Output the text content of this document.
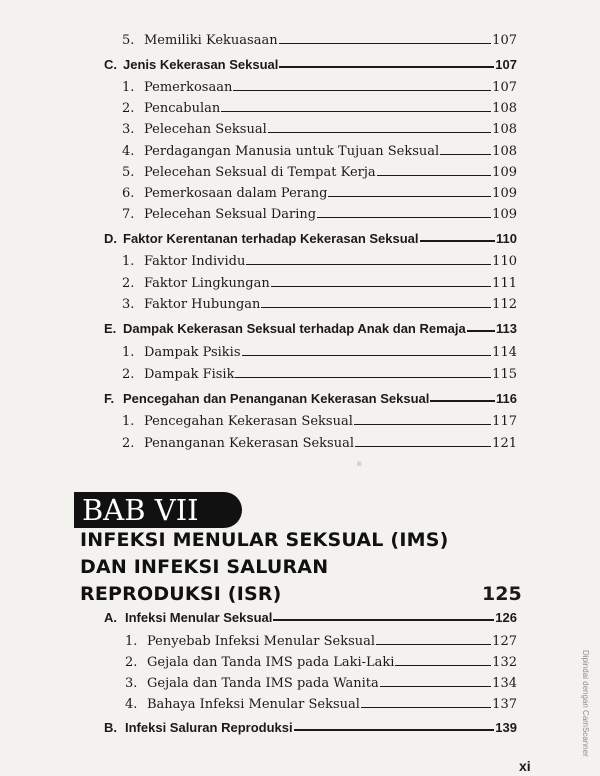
.
5. Memiliki Kekuasaan	107
C. Jenis Kekerasan Seksual	107
1. Pemerkosaan	107
2. Pencabulan	108
3. Pelecehan Seksual	108
4. Perdagangan Manusia untuk Tujuan Seksual	108
5. Pelecehan Seksual di Tempat Kerja	109
6. Pemerkosaan dalam Perang	109
7. Pelecehan Seksual Daring	109
D. Faktor Kerentanan terhadap Kekerasan Seksual	110
1. Faktor Individu	110
2. Faktor Lingkungan	111
3. Faktor Hubungan	112
E. Dampak Kekerasan Seksual terhadap Anak dan Remaja 113
1. Dampak Psikis	114
2. Dampak Fisik	115
F. Pencegahan dan Penanganan Kekerasan Seksual	116
1. Pencegahan Kekerasan Seksual	117
2. Penanganan Kekerasan Seksual	121
BAB VII
INFEKSI MENULAR SEKSUAL (IMS)
DAN INFEKSI SALURAN
REPRODUKSI (ISR)	125
A. Infeksi Menular Seksual	126
1. Penyebab Infeksi Menular Seksual	127
2. Gejala dan Tanda IMS pada Laki-Laki	132
3. Gejala dan Tanda IMS pada Wanita	134
4. Bahaya Infeksi Menular Seksual	137
B. Infeksi Saluran Reproduksi	139
xi
Dipindai dengan CamScanner
